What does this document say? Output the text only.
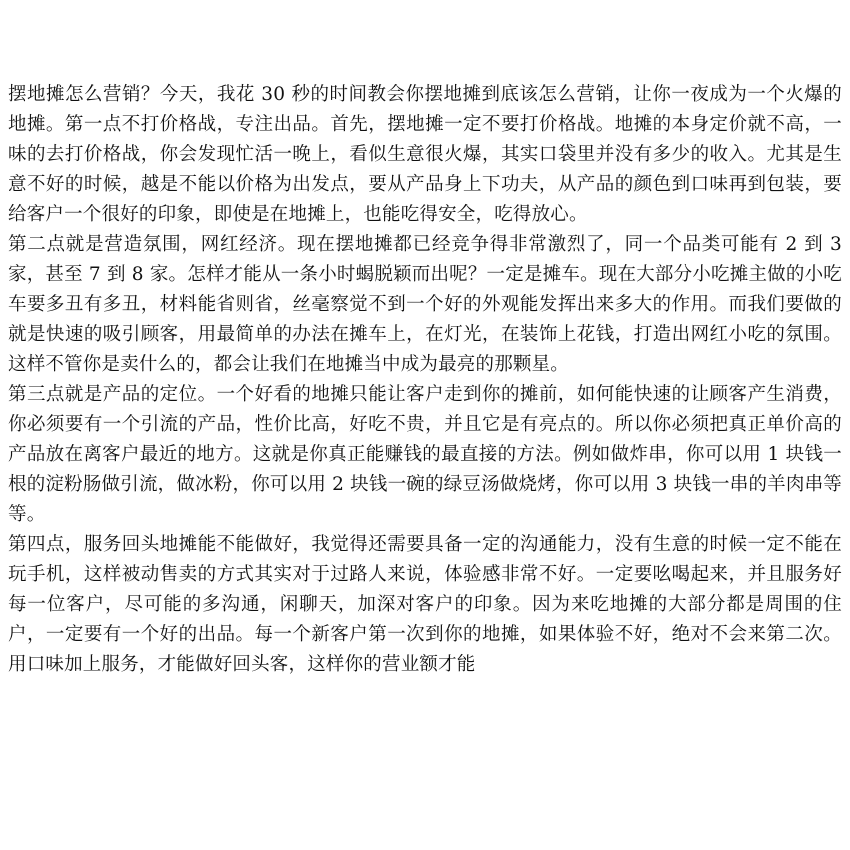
摆地摊怎么营销？今天，我花 30 秒的时间教会你摆地摊到底该怎么营销，让你一夜成为一个火爆的地摊。第一点不打价格战，专注出品。首先，摆地摊一定不要打价格战。地摊的本身定价就不高，一味的去打价格战，你会发现忙活一晚上，看似生意很火爆，其实口袋里并没有多少的收入。尤其是生意不好的时候，越是不能以价格为出发点，要从产品身上下功夫，从产品的颜色到口味再到包装，要给客户一个很好的印象，即使是在地摊上，也能吃得安全，吃得放心。

第二点就是营造氛围，网红经济。现在摆地摊都已经竞争得非常激烈了，同一个品类可能有 2 到 3 家，甚至 7 到 8 家。怎样才能从一条小时蝎脱颖而出呢？一定是摊车。现在大部分小吃摊主做的小吃车要多丑有多丑，材料能省则省，丝毫察觉不到一个好的外观能发挥出来多大的作用。而我们要做的就是快速的吸引顾客，用最简单的办法在摊车上，在灯光，在装饰上花钱，打造出网红小吃的氛围。这样不管你是卖什么的，都会让我们在地摊当中成为最亮的那颗星。

第三点就是产品的定位。一个好看的地摊只能让客户走到你的摊前，如何能快速的让顾客产生消费，你必须要有一个引流的产品，性价比高，好吃不贵，并且它是有亮点的。所以你必须把真正单价高的产品放在离客户最近的地方。这就是你真正能赚钱的最直接的方法。例如做炸串，你可以用 1 块钱一根的淀粉肠做引流，做冰粉，你可以用 2 块钱一碗的绿豆汤做烧烤，你可以用 3 块钱一串的羊肉串等等。

第四点，服务回头地摊能不能做好，我觉得还需要具备一定的沟通能力，没有生意的时候一定不能在玩手机，这样被动售卖的方式其实对于过路人来说，体验感非常不好。一定要吆喝起来，并且服务好每一位客户，尽可能的多沟通，闲聊天，加深对客户的印象。因为来吃地摊的大部分都是周围的住户，一定要有一个好的出品。每一个新客户第一次到你的地摊，如果体验不好，绝对不会来第二次。用口味加上服务，才能做好回头客，这样你的营业额才能
